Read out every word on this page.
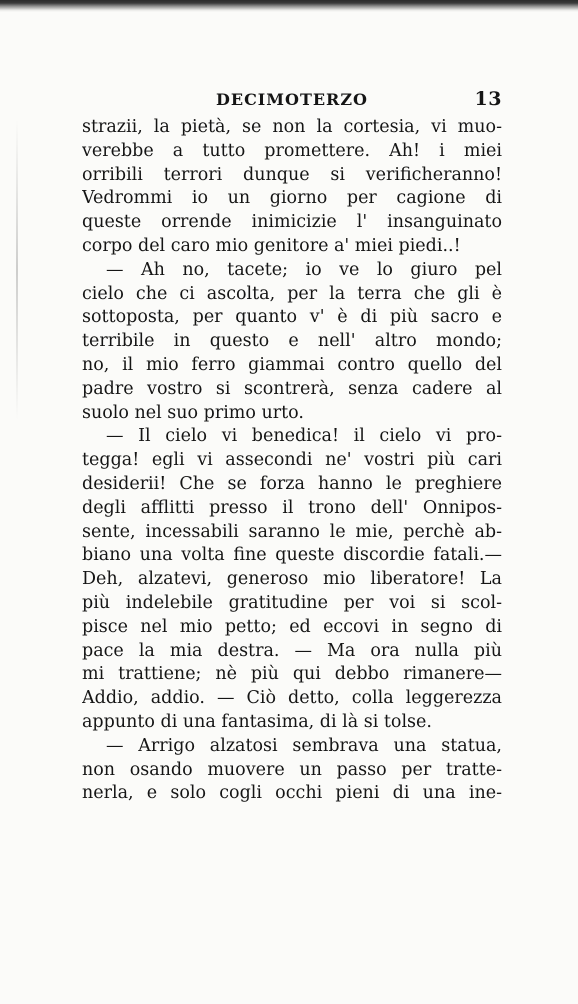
DECIMOTERZO	13
strazii, la pietà, se non la cortesia, vi muo-
verebbe a tutto promettere. Ah! i miei
orribili terrori dunque si verificheranno!
Vedrommi io un giorno per cagione di
queste orrende inimicizie l' insanguinato
corpo del caro mio genitore a' miei piedi..!
— Ah no, tacete; io ve lo giuro pel
cielo che ci ascolta, per la terra che gli è
sottoposta, per quanto v' è di più sacro e
terribile in questo e nell' altro mondo;
no, il mio ferro giammai contro quello del
padre vostro si scontrerà, senza cadere al
suolo nel suo primo urto.
— Il cielo vi benedica! il cielo vi pro-
tegga! egli vi assecondi ne' vostri più cari
desiderii! Che se forza hanno le preghiere
degli afflitti presso il trono dell' Onnipos-
sente, incessabili saranno le mie, perchè ab-
biano una volta fine queste discordie fatali.—
Deh, alzatevi, generoso mio liberatore! La
più indelebile gratitudine per voi si scol-
pisce nel mio petto; ed eccovi in segno di
pace la mia destra. — Ma ora nulla più
mi trattiene; nè più qui debbo rimanere—
Addio, addio. — Ciò detto, colla leggerezza
appunto di una fantasima, di là si tolse.
— Arrigo alzatosi sembrava una statua,
non osando muovere un passo per tratte-
nerla, e solo cogli occhi pieni di una ine-
